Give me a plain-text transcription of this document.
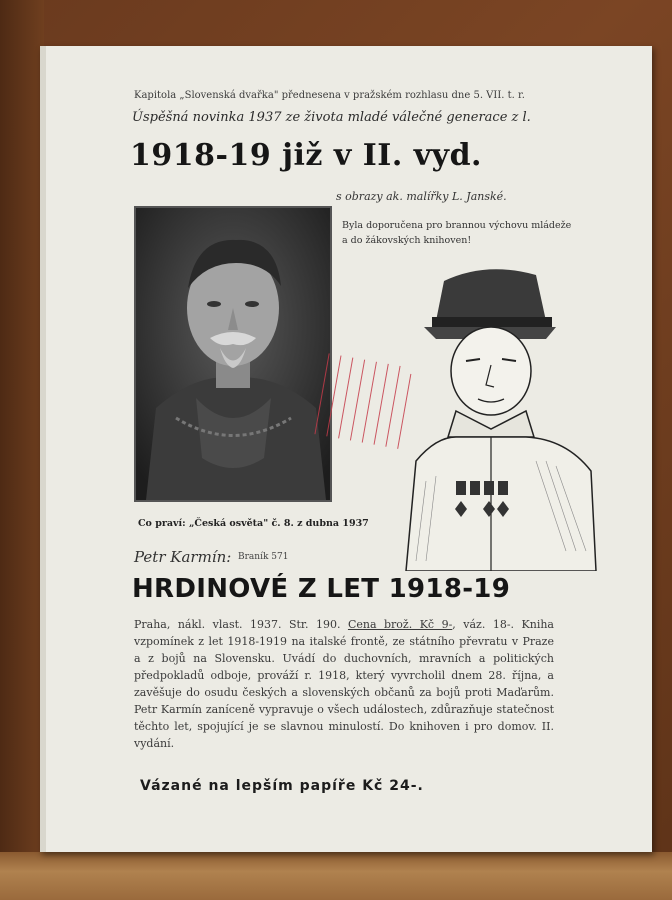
Kapitola „Slovenská dvařka" přednesena v pražském rozhlasu dne 5. VII. t. r.
Úspěšná novinka 1937 ze života mladé válečné generace z l.
1918-19 již v II. vyd.
s obrazy ak. malířky L. Janské.
Byla doporučena pro brannou výchovu mládeže a do žákovských knihoven!
Co praví: „Česká osvěta" č. 8. z dubna 1937
Petr Karmín: Braník 571
HRDINOVÉ Z LET 1918-19
Praha, nákl. vlast. 1937. Str. 190. Cena brož. Kč 9-, váz. 18-. Kniha vzpomínek z let 1918-1919 na italské frontě, ze státního převratu v Praze a z bojů na Slovensku. Uvádí do duchovních, mravních a politických předpokladů odboje, prováží r. 1918, který vyvrcholil dnem 28. října, a zavěšuje do osudu českých a slovenských občanů za bojů proti Maďarům. Petr Karmín zaníceně vypravuje o všech událostech, zdůrazňuje statečnost těchto let, spojující je se slavnou minulostí. Do knihoven i pro domov. II. vydání.
Vázané na lepším papíře Kč 24-.
